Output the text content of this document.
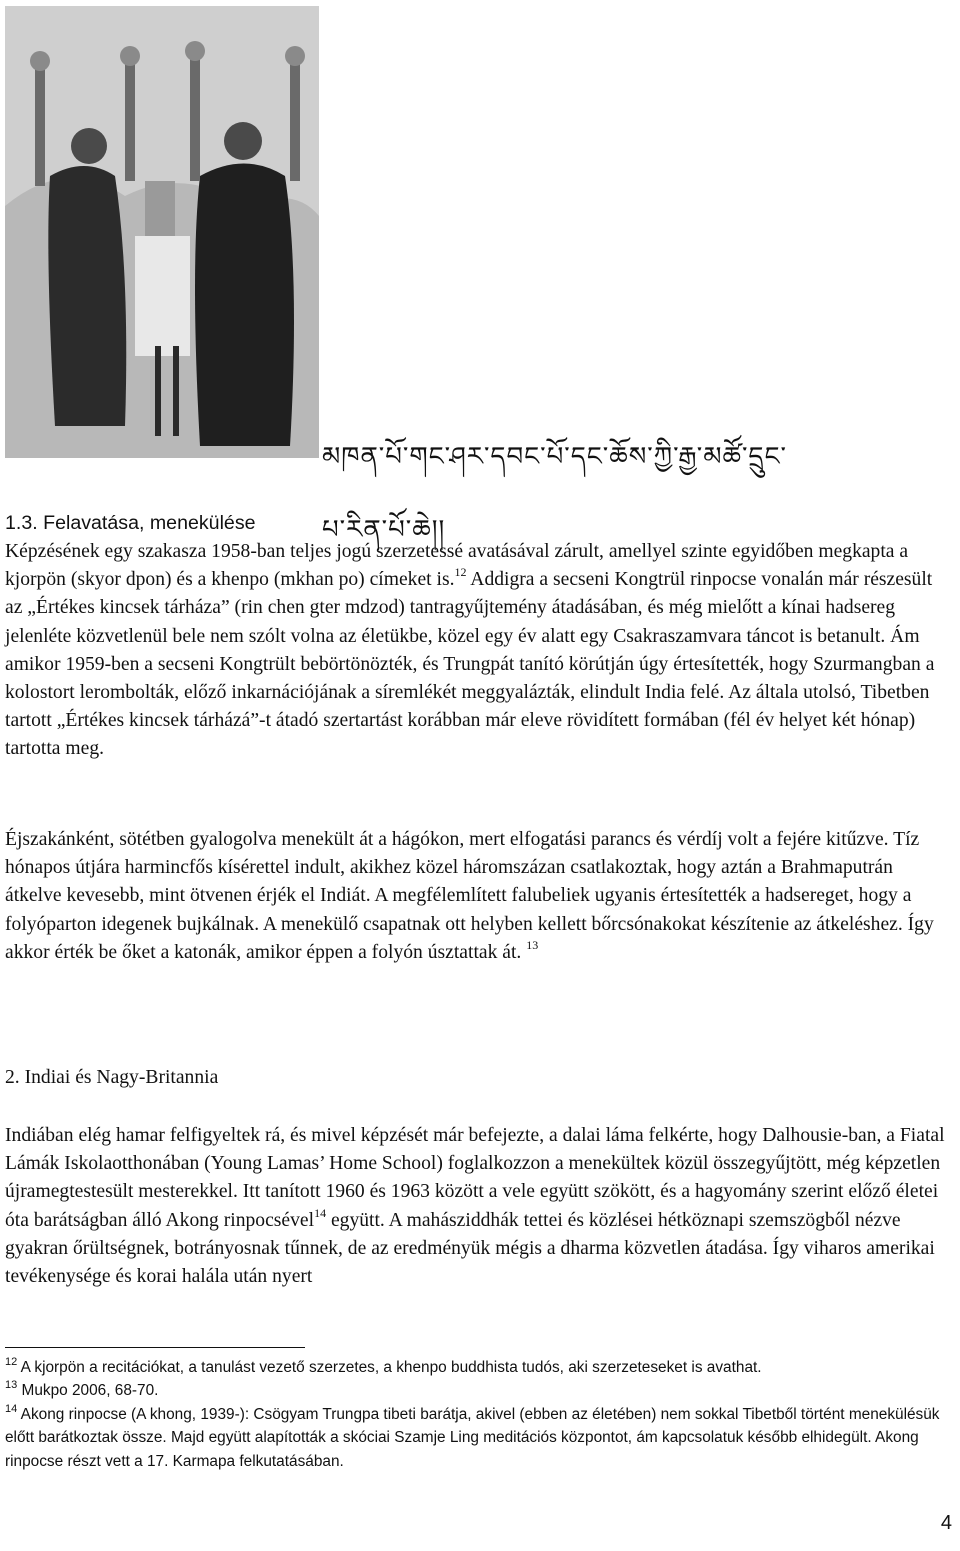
མཁན་པོ་གང་ཤར་དབང་པོ་དང་ཆོས་ཀྱི་རྒྱ་མཚོ་དྲུང་པ་རིན་པོ་ཆེ།།
1.3. Felavatása, menekülése

Képzésének egy szakasza 1958-ban teljes jogú szerzetessé avatásával zárult, amellyel szinte egyidőben megkapta a kjorpön (skyor dpon) és a khenpo (mkhan po) címeket is.$^{12}$ Addigra a secseni Kongtrül rinpocse vonalán már részesült az „Értékes kincsek tárháza” (rin chen gter mdzod) tantragyűjtemény átadásában, és még mielőtt a kínai hadsereg jelenléte közvetlenül bele nem szólt volna az életükbe, közel egy év alatt egy Csakraszamvara táncot is betanult. Ám amikor 1959-ben a secseni Kongtrült bebörtönözték, és Trungpát tanító körútján úgy értesítették, hogy Szurmangban a kolostort lerombolták, előző inkarnációjának a síremlékét meggyalázták, elindult India felé. Az általa utolsó, Tibetben tartott „Értékes kincsek tárházá”-t átadó szertartást korábban már eleve rövidített formában (fél év helyet két hónap) tartotta meg.

Éjszakánként, sötétben gyalogolva menekült át a hágókon, mert elfogatási parancs és vérdíj volt a fejére kitűzve. Tíz hónapos útjára harmincfős kísérettel indult, akikhez közel háromszázan csatlakoztak, hogy aztán a Brahmaputrán átkelve kevesebb, mint ötvenen érjék el Indiát. A megfélemlített falubeliek ugyanis értesítették a hadsereget, hogy a folyóparton idegenek bujkálnak. A menekülő csapatnak ott helyben kellett bőrcsónakokat készítenie az átkeléshez. Így akkor érték be őket a katonák, amikor éppen a folyón úsztattak át. $^{13}$

2. Indiai és Nagy-Britannia

Indiában elég hamar felfigyeltek rá, és mivel képzését már befejezte, a dalai láma felkérte, hogy Dalhousie-ban, a Fiatal Lámák Iskolaotthonában (Young Lamas’ Home School) foglalkozzon a menekültek közül összegyűjtött, még képzetlen újramegtestesült mesterekkel. Itt tanított 1960 és 1963 között a vele együtt szökött, és a hagyomány szerint előző életei óta barátságban álló Akong rinpocsével$^{14}$ együtt. A mahásziddhák tettei és közlései hétköznapi szemszögből nézve gyakran őrültségnek, botrányosnak tűnnek, de az eredményük mégis a dharma közvetlen átadása. Így viharos amerikai tevékenysége és korai halála után nyert

$^{12}$ A kjorpön a recitációkat, a tanulást vezető szerzetes, a khenpo buddhista tudós, aki szerzeteseket is avathat.
$^{13}$ Mukpo 2006, 68-70.
$^{14}$ Akong rinpocse (A khong, 1939-): Csögyam Trungpa tibeti barátja, akivel (ebben az életében) nem sokkal Tibetből történt menekülésük előtt barátkoztak össze. Majd együtt alapították a skóciai Szamje Ling meditációs központot, ám kapcsolatuk később elhidegült. Akong rinpocse részt vett a 17. Karmapa felkutatásában.
4
